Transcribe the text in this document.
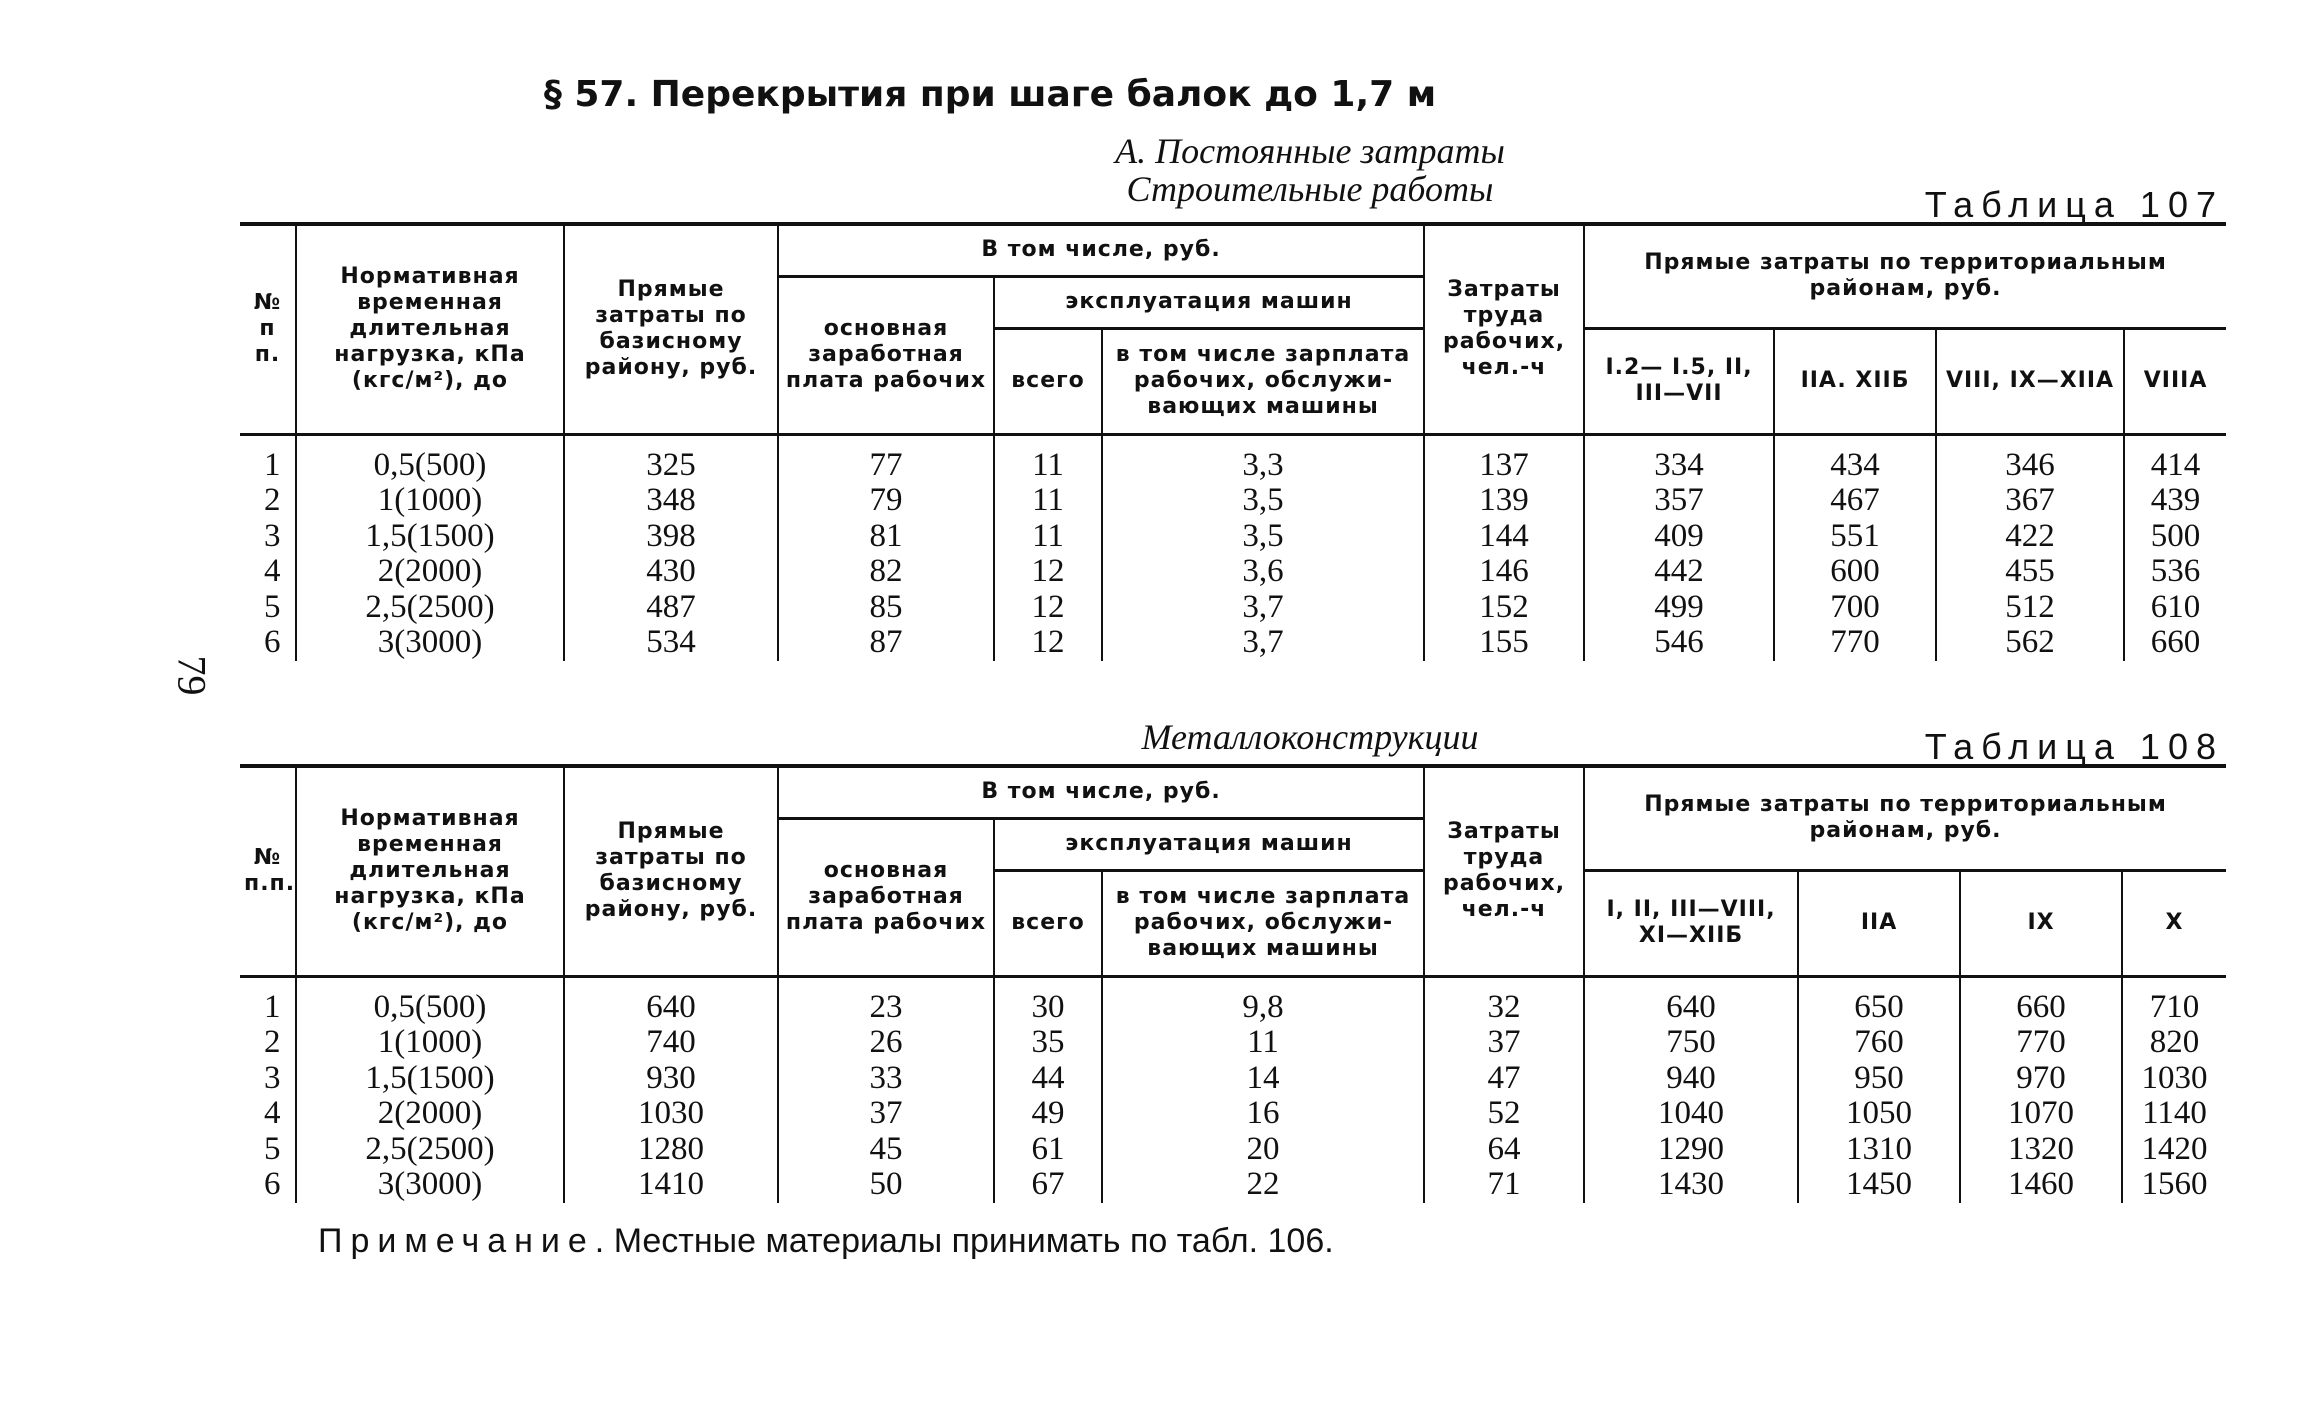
79
§ 57. Перекрытия при шаге балок до 1,7 м
А. Постоянные затраты
Строительные работы	Таблица 107
№ п п.	Нормативная временная длительная нагрузка, кПа (кгс/м²), до	Прямые затраты по базисному району, руб.	В том числе, руб.			Затраты труда рабочих, чел.-ч	Прямые затраты по территориальным районам, руб.			
			основная заработная плата рабочих	эксплуатация машин						
				всего	в том числе зарплата рабочих, обслуживающих машины		I.2— I.5, II, III—VII	IIA. XIIБ	VIII, IX—XIIA	VIIIA
1	0,5(500)	325	77	11	3,3	137	334	434	346	414
2	1(1000)	348	79	11	3,5	139	357	467	367	439
3	1,5(1500)	398	81	11	3,5	144	409	551	422	500
4	2(2000)	430	82	12	3,6	146	442	600	455	536
5	2,5(2500)	487	85	12	3,7	152	499	700	512	610
6	3(3000)	534	87	12	3,7	155	546	770	562	660
Металлоконструкции	Таблица 108
№ п.п.	Нормативная временная длительная нагрузка, кПа (кгс/м²), до	Прямые затраты по базисному району, руб.	В том числе, руб.			Затраты труда рабочих, чел.-ч	Прямые затраты по территориальным районам, руб.			
			основная заработная плата рабочих	эксплуатация машин						
				всего	в том числе зарплата рабочих, обслуживающих машины		I, II, III—VIII, XI—XIIБ	IIA	IX	X
1	0,5(500)	640	23	30	9,8	32	640	650	660	710
2	1(1000)	740	26	35	11	37	750	760	770	820
3	1,5(1500)	930	33	44	14	47	940	950	970	1030
4	2(2000)	1030	37	49	16	52	1040	1050	1070	1140
5	2,5(2500)	1280	45	61	20	64	1290	1310	1320	1420
6	3(3000)	1410	50	67	22	71	1430	1450	1460	1560
Примечание. Местные материалы принимать по табл. 106.
